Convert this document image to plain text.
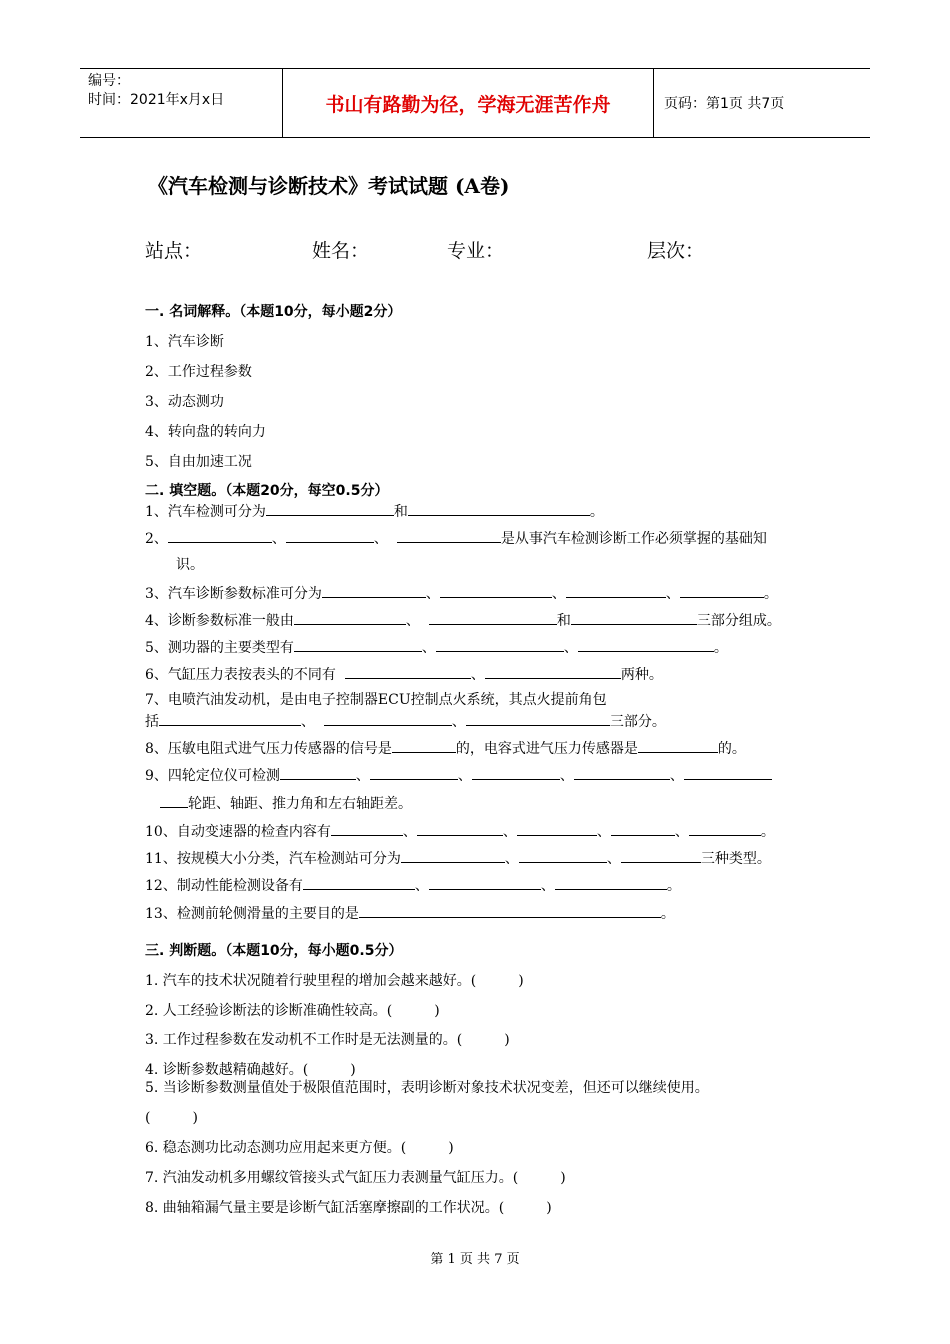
编号：
时间：2021年x月x日	书山有路勤为径，学海无涯苦作舟	页码：第1页 共7页
《汽车检测与诊断技术》考试试题 (A卷)
站点：	姓名：	专业：	层次：
一. 名词解释。（本题10分，每小题2分）
1、汽车诊断
2、工作过程参数
3、动态测功
4、转向盘的转向力
5、自由加速工况
二. 填空题。（本题20分，每空0.5分）
1、汽车检测可分为	和	。
2、	、	、	是从事汽车检测诊断工作必须掌握的基础知
识。
3、汽车诊断参数标准可分为	、	、	、	。
4、诊断参数标准一般由	、	和	三部分组成。
5、测功器的主要类型有	、	、	。
6、气缸压力表按表头的不同有	、	两种。
7、电喷汽油发动机，是由电子控制器ECU控制点火系统，其点火提前角包
括	、	、	三部分。
8、压敏电阻式进气压力传感器的信号是	的，电容式进气压力传感器是	的。
9、四轮定位仪可检测	、	、	、	、
轮距、轴距、推力角和左右轴距差。
10、自动变速器的检查内容有	、	、	、	、	。
11、按规模大小分类，汽车检测站可分为	、	、	三种类型。
12、制动性能检测设备有	、	、	。
13、检测前轮侧滑量的主要目的是	。
三. 判断题。（本题10分，每小题0.5分）
1. 汽车的技术状况随着行驶里程的增加会越来越好。(　　　)
2. 人工经验诊断法的诊断准确性较高。(　　　)
3. 工作过程参数在发动机不工作时是无法测量的。(　　　)
4. 诊断参数越精确越好。(　　　)
5. 当诊断参数测量值处于极限值范围时，表明诊断对象技术状况变差，但还可以继续使用。
(　　　)
6. 稳态测功比动态测功应用起来更方便。(　　　)
7. 汽油发动机多用螺纹管接头式气缸压力表测量气缸压力。(　　　)
8. 曲轴箱漏气量主要是诊断气缸活塞摩擦副的工作状况。(　　　)
第 1 页 共 7 页
